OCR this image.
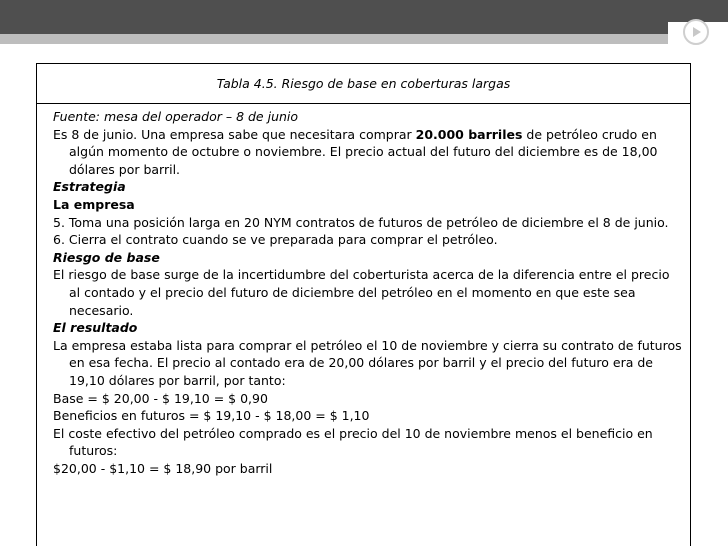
Tabla 4.5. Riesgo de base en coberturas largas

Fuente: mesa del operador – 8 de junio

Es 8 de junio. Una empresa sabe que necesitara comprar 20.000 barriles de petróleo crudo en algún momento de octubre o noviembre. El precio actual del futuro del diciembre es de 18,00 dólares por barril.

Estrategia

La empresa

5. Toma una posición larga en 20 NYM contratos de futuros de petróleo de diciembre el 8 de junio.

6. Cierra el contrato cuando se ve preparada para comprar el petróleo.

Riesgo de base

El riesgo de base surge de la incertidumbre del coberturista acerca de la diferencia entre el precio al contado y el precio del futuro de diciembre del petróleo en el momento en que este sea necesario.

El resultado

La empresa estaba lista para comprar el petróleo el 10 de noviembre y cierra su contrato de futuros en esa fecha. El precio al contado era de 20,00 dólares por barril y el precio del futuro era de 19,10 dólares por barril, por tanto:

Base = $ 20,00 - $ 19,10 = $ 0,90

Beneficios en futuros = $ 19,10 - $ 18,00 = $ 1,10

El coste efectivo del petróleo comprado es el precio del 10 de noviembre menos el beneficio en futuros:

$20,00 - $1,10 = $ 18,90 por barril
